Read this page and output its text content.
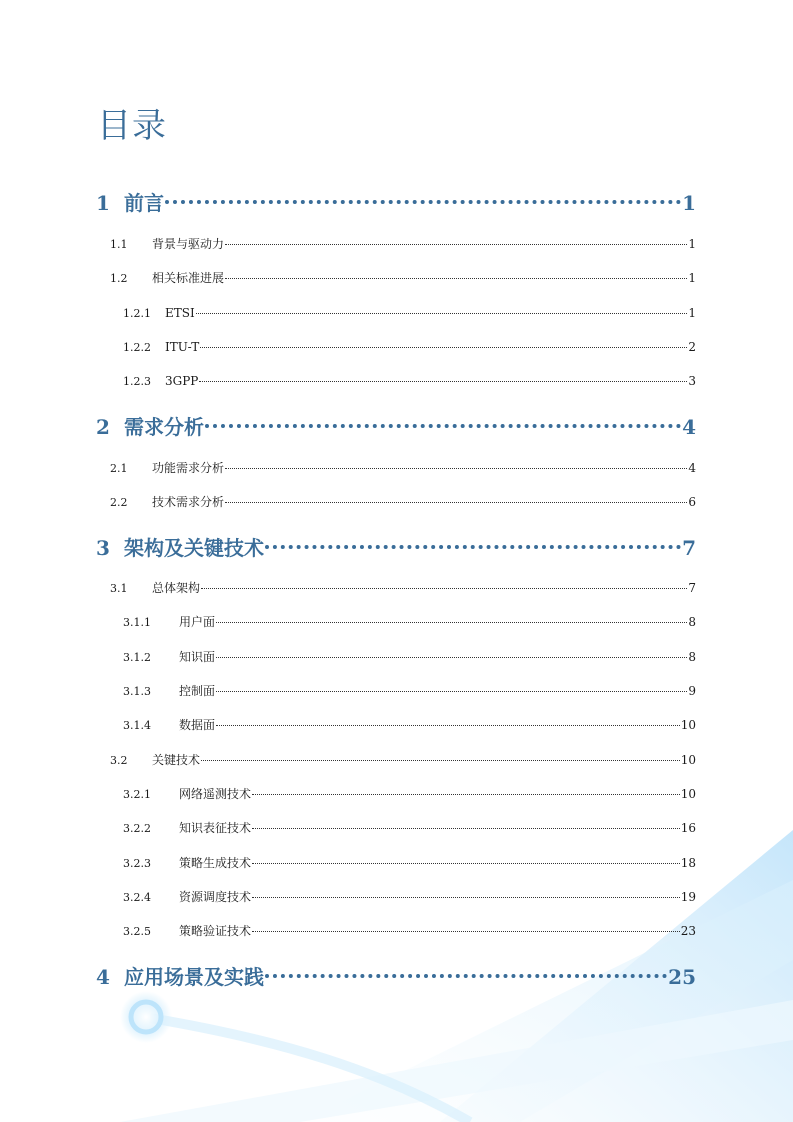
目录
1 前言	1
1.1	背景与驱动力	1
1.2	相关标准进展	1
1.2.1	ETSI	1
1.2.2	ITU-T	2
1.2.3	3GPP	3
2 需求分析	4
2.1	功能需求分析	4
2.2	技术需求分析	6
3 架构及关键技术	7
3.1	总体架构	7
3.1.1	用户面	8
3.1.2	知识面	8
3.1.3	控制面	9
3.1.4	数据面	10
3.2	关键技术	10
3.2.1	网络遥测技术	10
3.2.2	知识表征技术	16
3.2.3	策略生成技术	18
3.2.4	资源调度技术	19
3.2.5	策略验证技术	23
4 应用场景及实践	25
